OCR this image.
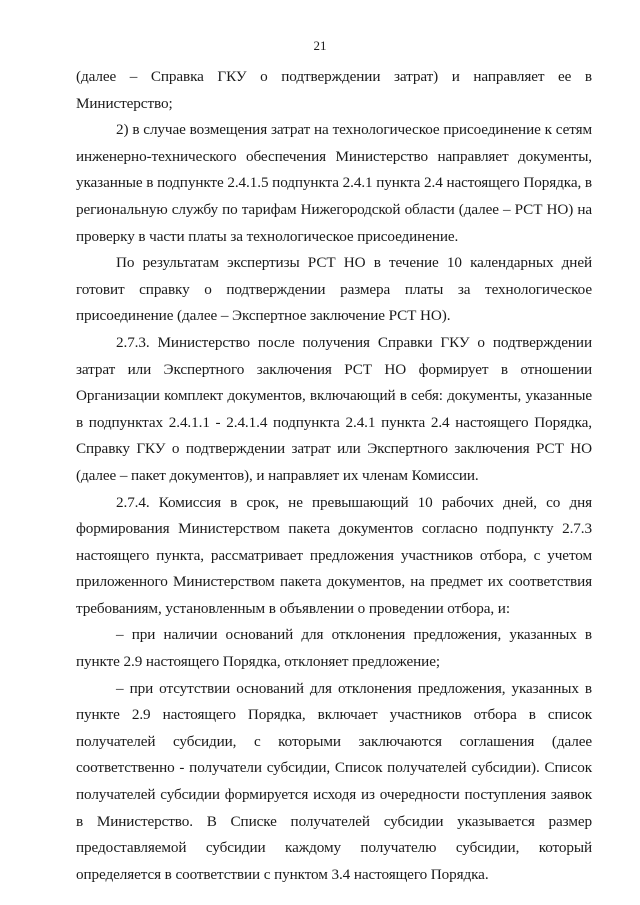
21

(далее – Справка ГКУ о подтверждении затрат) и направляет ее в Министерство;

2) в случае возмещения затрат на технологическое присоединение к сетям инженерно-технического обеспечения Министерство направляет документы, указанные в подпункте 2.4.1.5 подпункта 2.4.1 пункта 2.4 настоящего Порядка, в региональную службу по тарифам Нижегородской области (далее – РСТ НО) на проверку в части платы за технологическое присоединение.

По результатам экспертизы РСТ НО в течение 10 календарных дней готовит справку о подтверждении размера платы за технологическое присоединение (далее – Экспертное заключение РСТ НО).

2.7.3. Министерство после получения Справки ГКУ о подтверждении затрат или Экспертного заключения РСТ НО формирует в отношении Организации комплект документов, включающий в себя: документы, указанные в подпунктах 2.4.1.1 - 2.4.1.4 подпункта 2.4.1 пункта 2.4 настоящего Порядка, Справку ГКУ о подтверждении затрат или Экспертного заключения РСТ НО (далее – пакет документов), и направляет их членам Комиссии.

2.7.4. Комиссия в срок, не превышающий 10 рабочих дней, со дня формирования Министерством пакета документов согласно подпункту 2.7.3 настоящего пункта, рассматривает предложения участников отбора, с учетом приложенного Министерством пакета документов, на предмет их соответствия требованиям, установленным в объявлении о проведении отбора, и:

– при наличии оснований для отклонения предложения, указанных в пункте 2.9 настоящего Порядка, отклоняет предложение;

– при отсутствии оснований для отклонения предложения, указанных в пункте 2.9 настоящего Порядка, включает участников отбора в список получателей субсидии, с которыми заключаются соглашения (далее соответственно - получатели субсидии, Список получателей субсидии). Список получателей субсидии формируется исходя из очередности поступления заявок в Министерство. В Списке получателей субсидии указывается размер предоставляемой субсидии каждому получателю субсидии, который определяется в соответствии с пунктом 3.4 настоящего Порядка.
